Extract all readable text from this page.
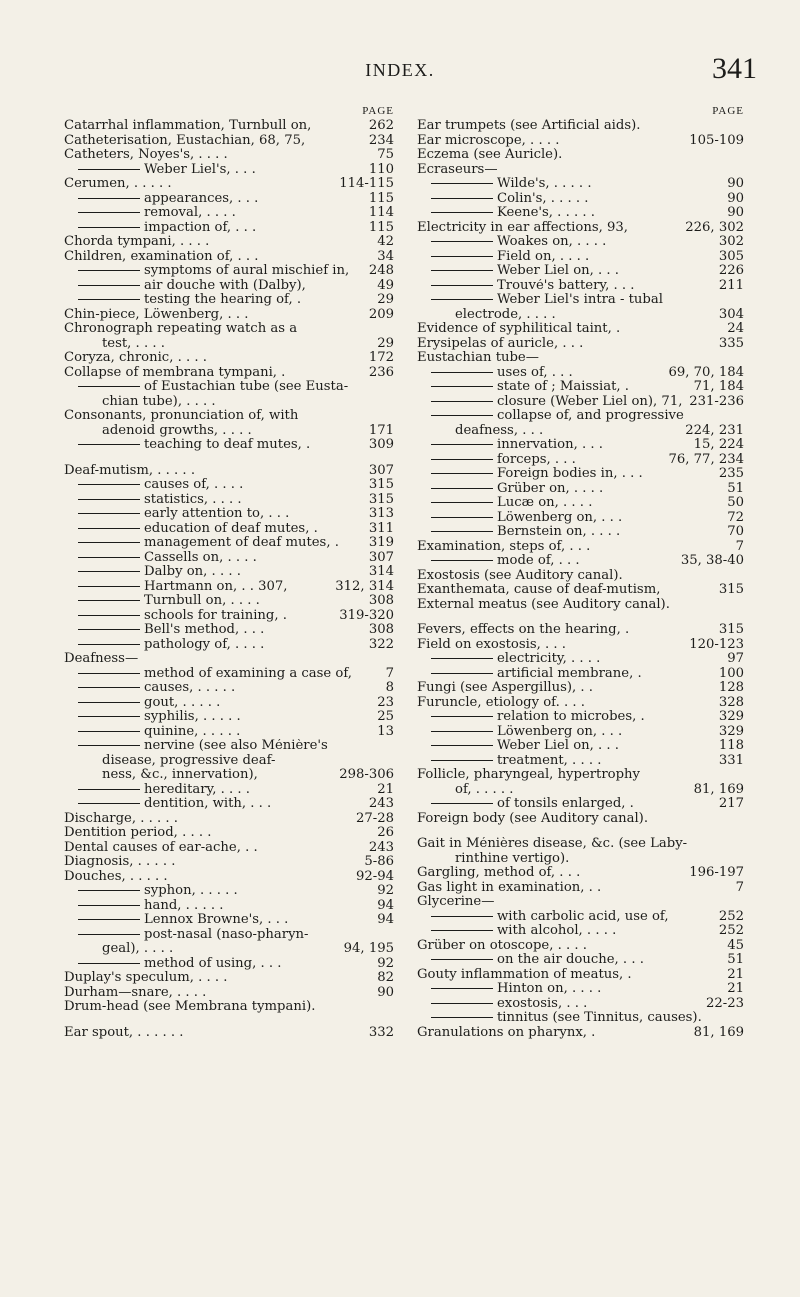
INDEX.	341
PAGE
Catarrhal inflammation, Turnbull on,	262
Catheterisation, Eustachian, 68, 75,	234
Catheters, Noyes's, . . . .	75
Weber Liel's, . . .	110
Cerumen, . . . . .	114-115
appearances, . . .	115
removal, . . . .	114
impaction of, . . .	115
Chorda tympani, . . . .	42
Children, examination of, . . .	34
symptoms of aural mischief in,	248
air douche with (Dalby),	49
testing the hearing of, .	29
Chin-piece, Löwenberg, . . .	209
Chronograph repeating watch as a
test, . . . .	29
Coryza, chronic, . . . .	172
Collapse of membrana tympani, .	236
of Eustachian tube (see Eusta-
chian tube), . . . .
Consonants, pronunciation of, with
adenoid growths, . . . .	171
teaching to deaf mutes, .	309
Deaf-mutism, . . . . .	307
causes of, . . . .	315
statistics, . . . .	315
early attention to, . . .	313
education of deaf mutes, .	311
management of deaf mutes, .	319
Cassells on, . . . .	307
Dalby on, . . . .	314
Hartmann on, . . 307,	312, 314
Turnbull on, . . . .	308
schools for training, .	319-320
Bell's method, . . .	308
pathology of, . . . .	322
Deafness—
method of examining a case of,	7
causes, . . . . .	8
gout, . . . . .	23
syphilis, . . . . .	25
quinine, . . . . .	13
nervine (see also Ménière's
disease, progressive deaf-
ness, &c., innervation),	298-306
hereditary, . . . .	21
dentition, with, . . .	243
Discharge, . . . . .	27-28
Dentition period, . . . .	26
Dental causes of ear-ache, . .	243
Diagnosis, . . . . .	5-86
Douches, . . . . .	92-94
syphon, . . . . .	92
hand, . . . . .	94
Lennox Browne's, . . .	94
post-nasal (naso-pharyn-
geal), . . . .	94, 195
method of using, . . .	92
Duplay's speculum, . . . .	82
Durham—snare, . . . .	90
Drum-head (see Membrana tympani).
Ear spout, . . . . . .	332
PAGE
Ear trumpets (see Artificial aids).
Ear microscope, . . . .	105-109
Eczema (see Auricle).
Ecraseurs—
Wilde's, . . . . .	90
Colin's, . . . . .	90
Keene's, . . . . .	90
Electricity in ear affections, 93,	226, 302
Woakes on, . . . .	302
Field on, . . . .	305
Weber Liel on, . . .	226
Trouvé's battery, . . .	211
Weber Liel's intra - tubal
electrode, . . . .	304
Evidence of syphilitical taint, .	24
Erysipelas of auricle, . . .	335
Eustachian tube—
uses of, . . .	69, 70, 184
state of ; Maissiat, .	71, 184
closure (Weber Liel on), 71, 231-236
collapse of, and progressive
deafness, . . .	224, 231
innervation, . . .	15, 224
forceps, . . .	76, 77, 234
Foreign bodies in, . . .	235
Grüber on, . . . .	51
Lucæ on, . . . .	50
Löwenberg on, . . .	72
Bernstein on, . . . .	70
Examination, steps of, . . .	7
mode of, . . .	35, 38-40
Exostosis (see Auditory canal).
Exanthemata, cause of deaf-mutism,	315
External meatus (see Auditory canal).
Fevers, effects on the hearing, .	315
Field on exostosis, . . .	120-123
electricity, . . . .	97
artificial membrane, .	100
Fungi (see Aspergillus), . .	128
Furuncle, etiology of. . . .	328
relation to microbes, .	329
Löwenberg on, . . .	329
Weber Liel on, . . .	118
treatment, . . . .	331
Follicle, pharyngeal, hypertrophy
of, . . . . .	81, 169
of tonsils enlarged, .	217
Foreign body (see Auditory canal).
Gait in Ménières disease, &c. (see Laby-
rinthine vertigo).
Gargling, method of, . . .	196-197
Gas light in examination, . .	7
Glycerine—
with carbolic acid, use of,	252
with alcohol, . . . .	252
Grüber on otoscope, . . . .	45
on the air douche, . . .	51
Gouty inflammation of meatus, .	21
Hinton on, . . . .	21
exostosis, . . .	22-23
tinnitus (see Tinnitus, causes).
Granulations on pharynx, .	81, 169
